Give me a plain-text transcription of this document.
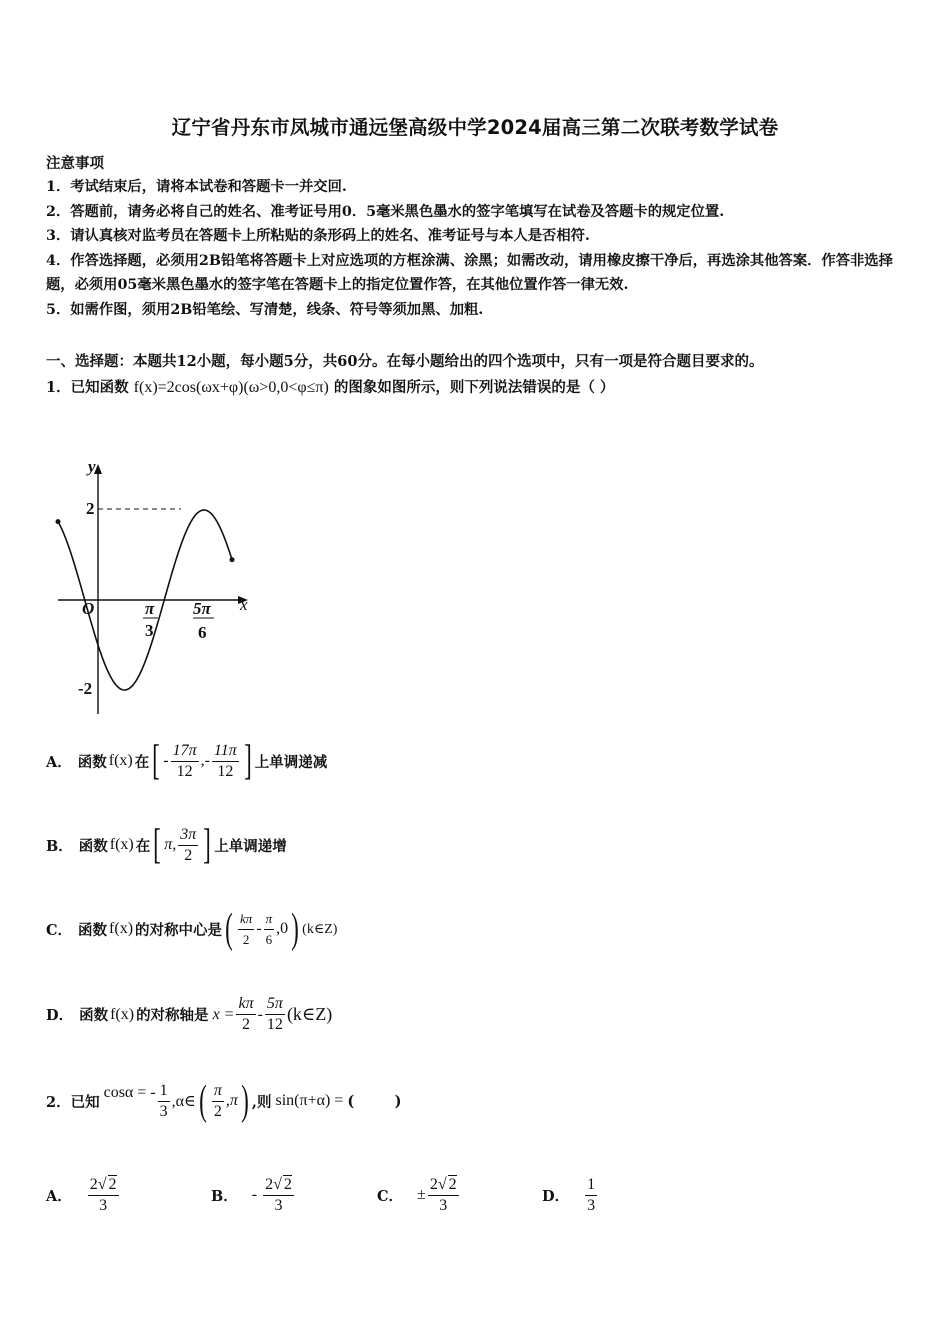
辽宁省丹东市凤城市通远堡高级中学2024届高三第二次联考数学试卷
注意事项
1．考试结束后，请将本试卷和答题卡一并交回.
2．答题前，请务必将自己的姓名、准考证号用0．5毫米黑色墨水的签字笔填写在试卷及答题卡的规定位置.
3．请认真核对监考员在答题卡上所粘贴的条形码上的姓名、准考证号与本人是否相符.
4．作答选择题，必须用2B铅笔将答题卡上对应选项的方框涂满、涂黑；如需改动，请用橡皮擦干净后，再选涂其他答案．作答非选择题，必须用05毫米黑色墨水的签字笔在答题卡上的指定位置作答，在其他位置作答一律无效.
5．如需作图，须用2B铅笔绘、写清楚，线条、符号等须加黑、加粗.
一、选择题：本题共12小题，每小题5分，共60分。在每小题给出的四个选项中，只有一项是符合题目要求的。
1．已知函数 f(x)=2cos(ωx+φ)(ω>0,0<φ≤π) 的图象如图所示，则下列说法错误的是（ ）
y
x
O
2
-2
π
3
5π
6
A． 函数 f(x) 在 [ - $\frac{17\pi}{12}$ ,- $\frac{11\pi}{12}$ ] 上单调递减
B． 函数 f(x) 在 [ π, $\frac{3\pi}{2}$ ] 上单调递增
C． 函数 f(x) 的对称中心是 ( $\frac{k\pi}{2} - \frac{\pi}{6} ,0$ ) (k∈Z)
D． 函数 f(x) 的对称轴是 $x = \frac{k\pi}{2} - \frac{5\pi}{12}$ (k∈Z)
2．已知
cosα = - $\frac{1}{3}$ ,α∈ ( $\frac{\pi}{2} ,\pi$ ) ,则 sin(π+α) = (        )
A． $\frac{2√ 2}{3}$	B． - $\frac{2√ 2}{3}$	C． ± $\frac{2√ 2}{3}$	D． $\frac{1}{3}$
